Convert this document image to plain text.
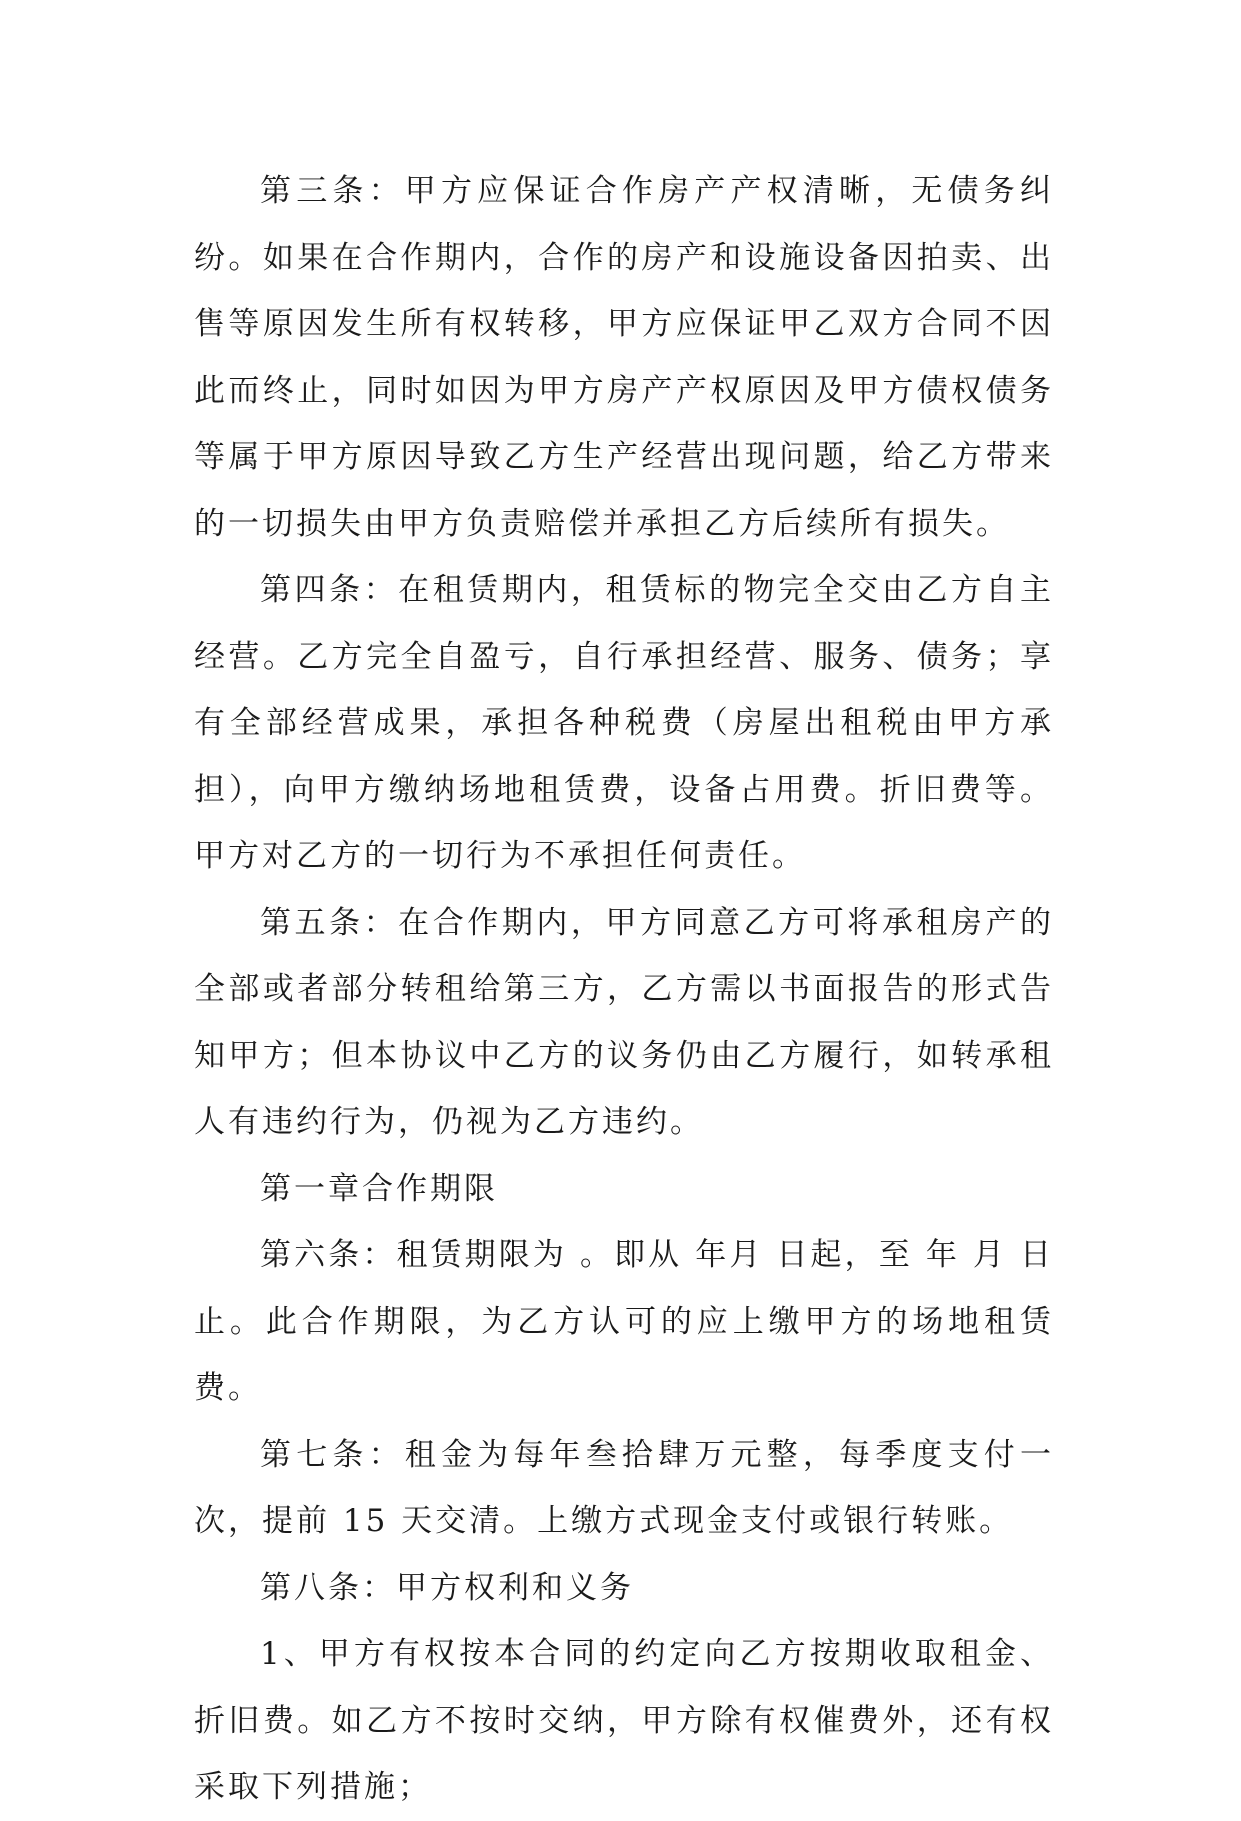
第三条：甲方应保证合作房产产权清晰，无债务纠纷。如果在合作期内，合作的房产和设施设备因拍卖、出售等原因发生所有权转移，甲方应保证甲乙双方合同不因此而终止，同时如因为甲方房产产权原因及甲方债权债务等属于甲方原因导致乙方生产经营出现问题，给乙方带来的一切损失由甲方负责赔偿并承担乙方后续所有损失。

第四条：在租赁期内，租赁标的物完全交由乙方自主经营。乙方完全自盈亏，自行承担经营、服务、债务；享有全部经营成果，承担各种税费（房屋出租税由甲方承担），向甲方缴纳场地租赁费，设备占用费。折旧费等。甲方对乙方的一切行为不承担任何责任。

第五条：在合作期内，甲方同意乙方可将承租房产的全部或者部分转租给第三方，乙方需以书面报告的形式告知甲方；但本协议中乙方的议务仍由乙方履行，如转承租人有违约行为，仍视为乙方违约。

第一章合作期限

第六条：租赁期限为 。即从 年月 日起，至 年 月 日止。此合作期限，为乙方认可的应上缴甲方的场地租赁费。

第七条：租金为每年叁拾肆万元整，每季度支付一次，提前 15 天交清。上缴方式现金支付或银行转账。

第八条：甲方权利和义务

1、甲方有权按本合同的约定向乙方按期收取租金、折旧费。如乙方不按时交纳，甲方除有权催费外，还有权采取下列措施；
